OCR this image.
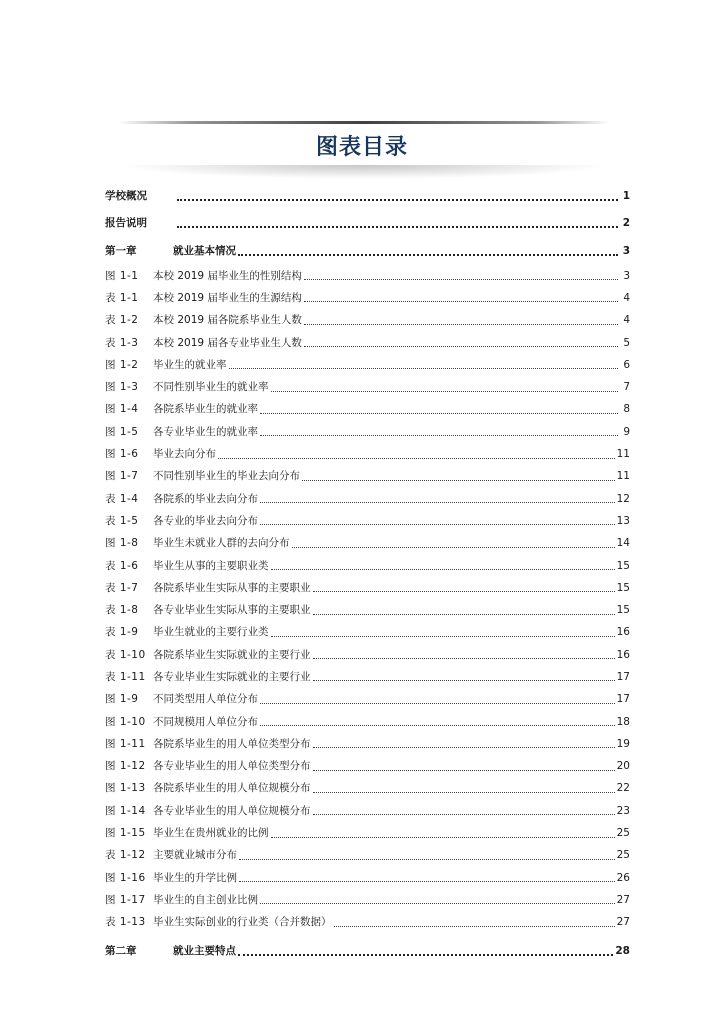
图表目录
学校概况	1
报告说明	2
第一章	就业基本情况	3
图 1-1	本校 2019 届毕业生的性别结构	3
表 1-1	本校 2019 届毕业生的生源结构	4
表 1-2	本校 2019 届各院系毕业生人数	4
表 1-3	本校 2019 届各专业毕业生人数	5
图 1-2	毕业生的就业率	6
图 1-3	不同性别毕业生的就业率	7
图 1-4	各院系毕业生的就业率	8
图 1-5	各专业毕业生的就业率	9
图 1-6	毕业去向分布	11
图 1-7	不同性别毕业生的毕业去向分布	11
表 1-4	各院系的毕业去向分布	12
表 1-5	各专业的毕业去向分布	13
图 1-8	毕业生未就业人群的去向分布	14
表 1-6	毕业生从事的主要职业类	15
表 1-7	各院系毕业生实际从事的主要职业	15
表 1-8	各专业毕业生实际从事的主要职业	15
表 1-9	毕业生就业的主要行业类	16
表 1-10 各院系毕业生实际就业的主要行业	16
表 1-11 各专业毕业生实际就业的主要行业	17
图 1-9	不同类型用人单位分布	17
图 1-10 不同规模用人单位分布	18
图 1-11 各院系毕业生的用人单位类型分布	19
图 1-12 各专业毕业生的用人单位类型分布	20
图 1-13 各院系毕业生的用人单位规模分布	22
图 1-14 各专业毕业生的用人单位规模分布	23
图 1-15 毕业生在贵州就业的比例	25
表 1-12 主要就业城市分布	25
图 1-16 毕业生的升学比例	26
图 1-17 毕业生的自主创业比例	27
表 1-13 毕业生实际创业的行业类（合并数据）	27
第二章	就业主要特点	28
